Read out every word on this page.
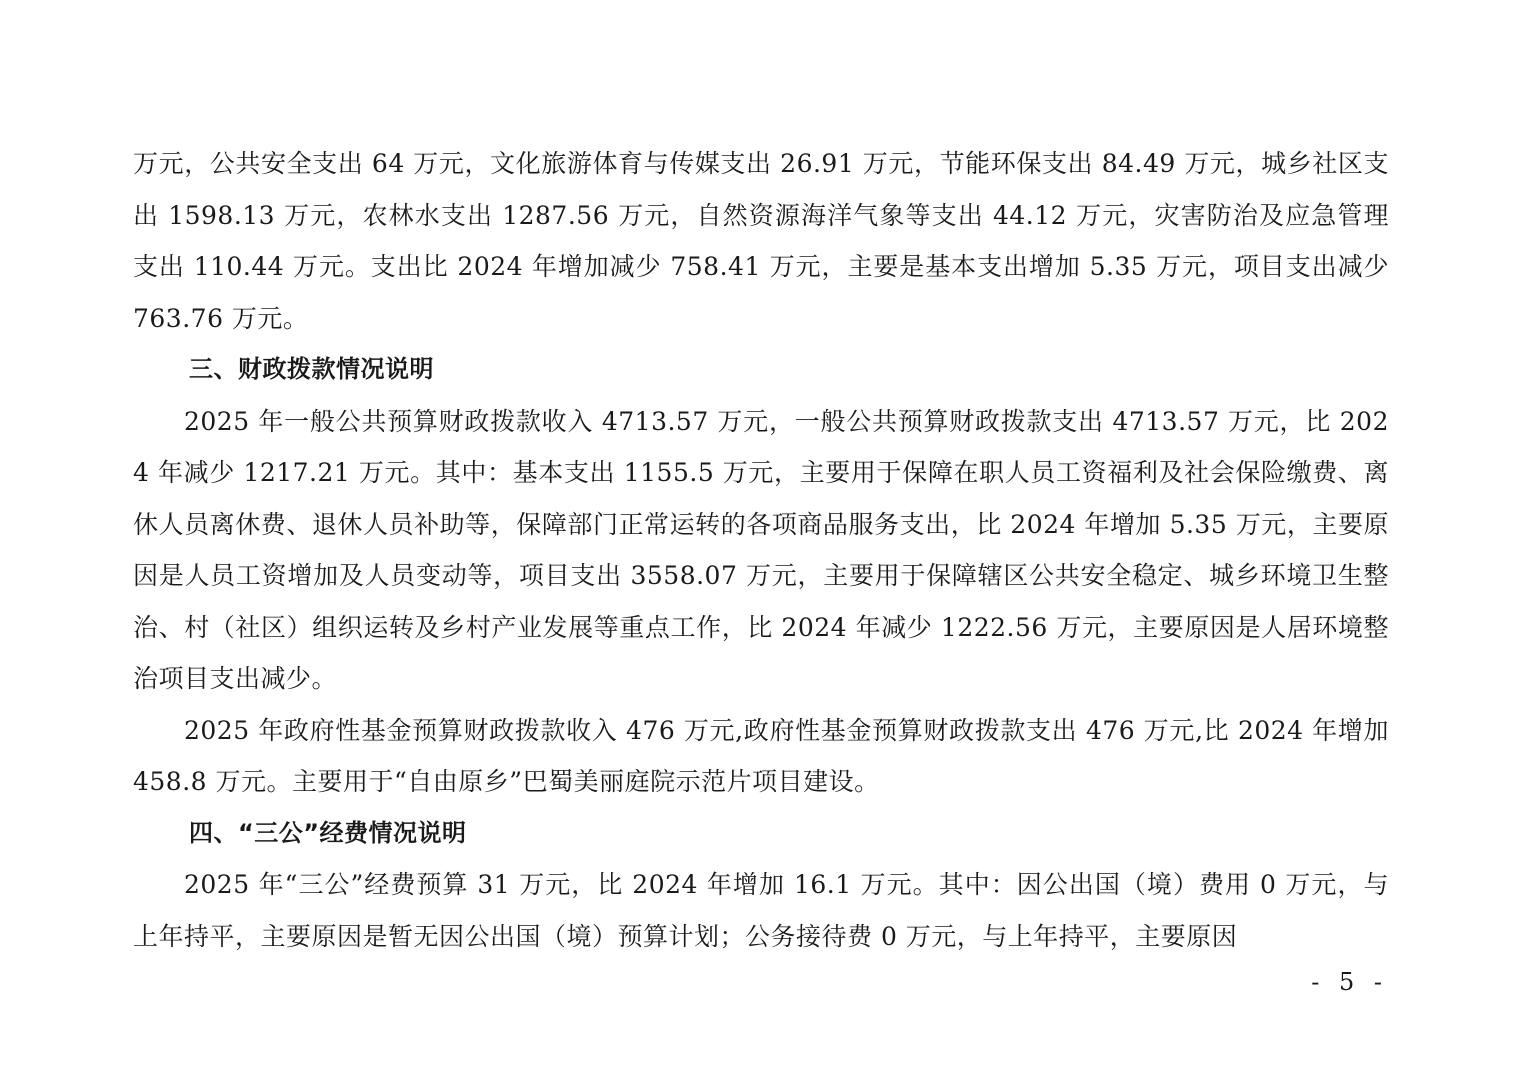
万元，公共安全支出 64 万元，文化旅游体育与传媒支出 26.91 万元，节能环保支出 84.49 万元，城乡社区支出 1598.13 万元，农林水支出 1287.56 万元，自然资源海洋气象等支出 44.12 万元，灾害防治及应急管理支出 110.44 万元。支出比 2024 年增加减少 758.41 万元，主要是基本支出增加 5.35 万元，项目支出减少 763.76 万元。

三、财政拨款情况说明

2025 年一般公共预算财政拨款收入 4713.57 万元，一般公共预算财政拨款支出 4713.57 万元，比 2024 年减少 1217.21 万元。其中：基本支出 1155.5 万元，主要用于保障在职人员工资福利及社会保险缴费、离休人员离休费、退休人员补助等，保障部门正常运转的各项商品服务支出，比 2024 年增加 5.35 万元，主要原因是人员工资增加及人员变动等，项目支出 3558.07 万元，主要用于保障辖区公共安全稳定、城乡环境卫生整治、村（社区）组织运转及乡村产业发展等重点工作，比 2024 年减少 1222.56 万元，主要原因是人居环境整治项目支出减少。

2025 年政府性基金预算财政拨款收入 476 万元,政府性基金预算财政拨款支出 476 万元,比 2024 年增加 458.8 万元。主要用于“自由原乡”巴蜀美丽庭院示范片项目建设。

四、“三公”经费情况说明

2025 年“三公”经费预算 31 万元，比 2024 年增加 16.1 万元。其中：因公出国（境）费用 0 万元，与上年持平，主要原因是暂无因公出国（境）预算计划；公务接待费 0 万元，与上年持平，主要原因

- 5 -
